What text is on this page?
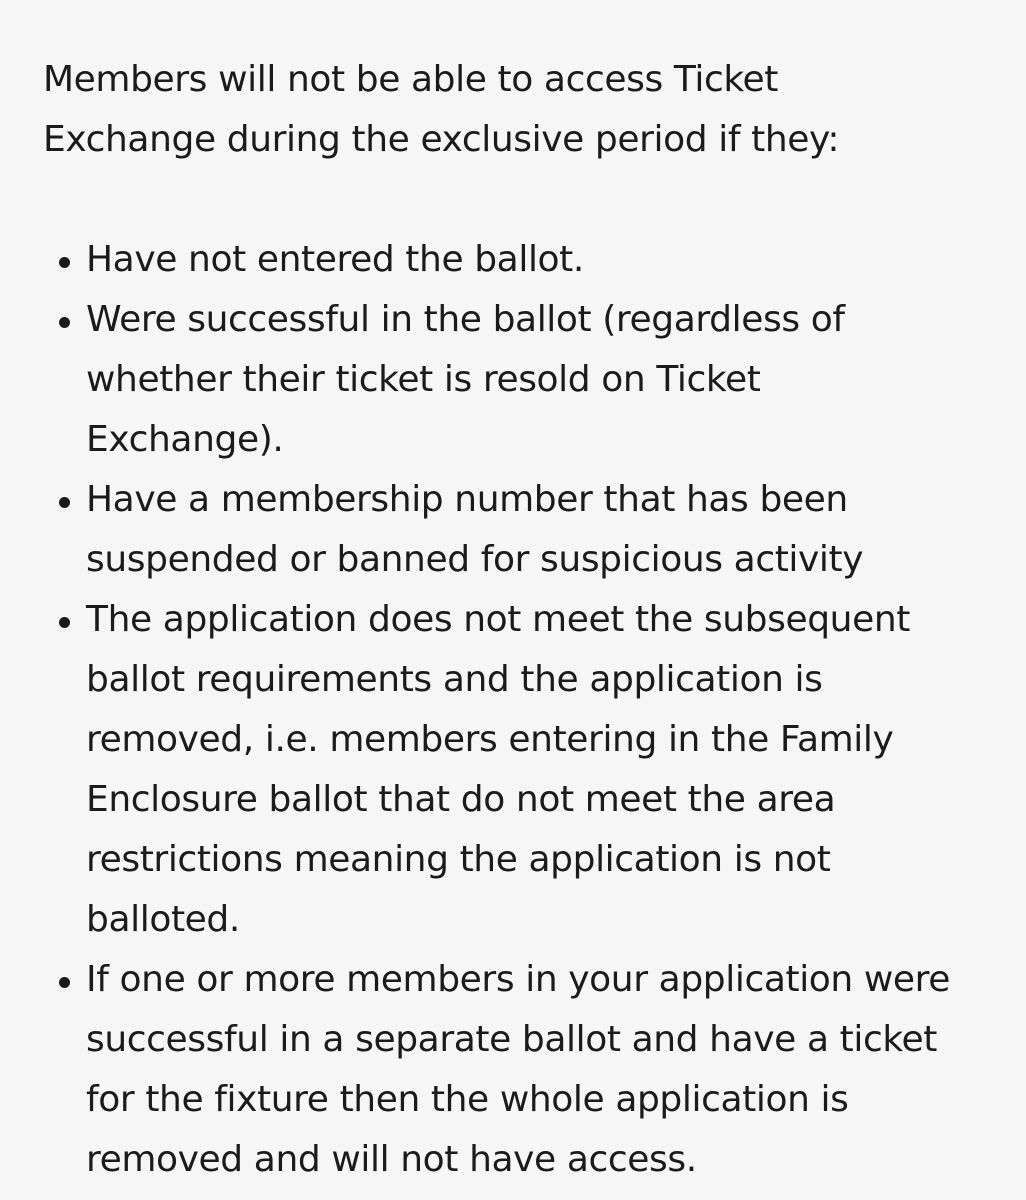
Members will not be able to access Ticket Exchange during the exclusive period if they:

Have not entered the ballot.
Were successful in the ballot (regardless of whether their ticket is resold on Ticket Exchange).
Have a membership number that has been suspended or banned for suspicious activity
The application does not meet the subsequent ballot requirements and the application is removed, i.e. members entering in the Family Enclosure ballot that do not meet the area restrictions meaning the application is not balloted.
If one or more members in your application were successful in a separate ballot and have a ticket for the fixture then the whole application is removed and will not have access.
